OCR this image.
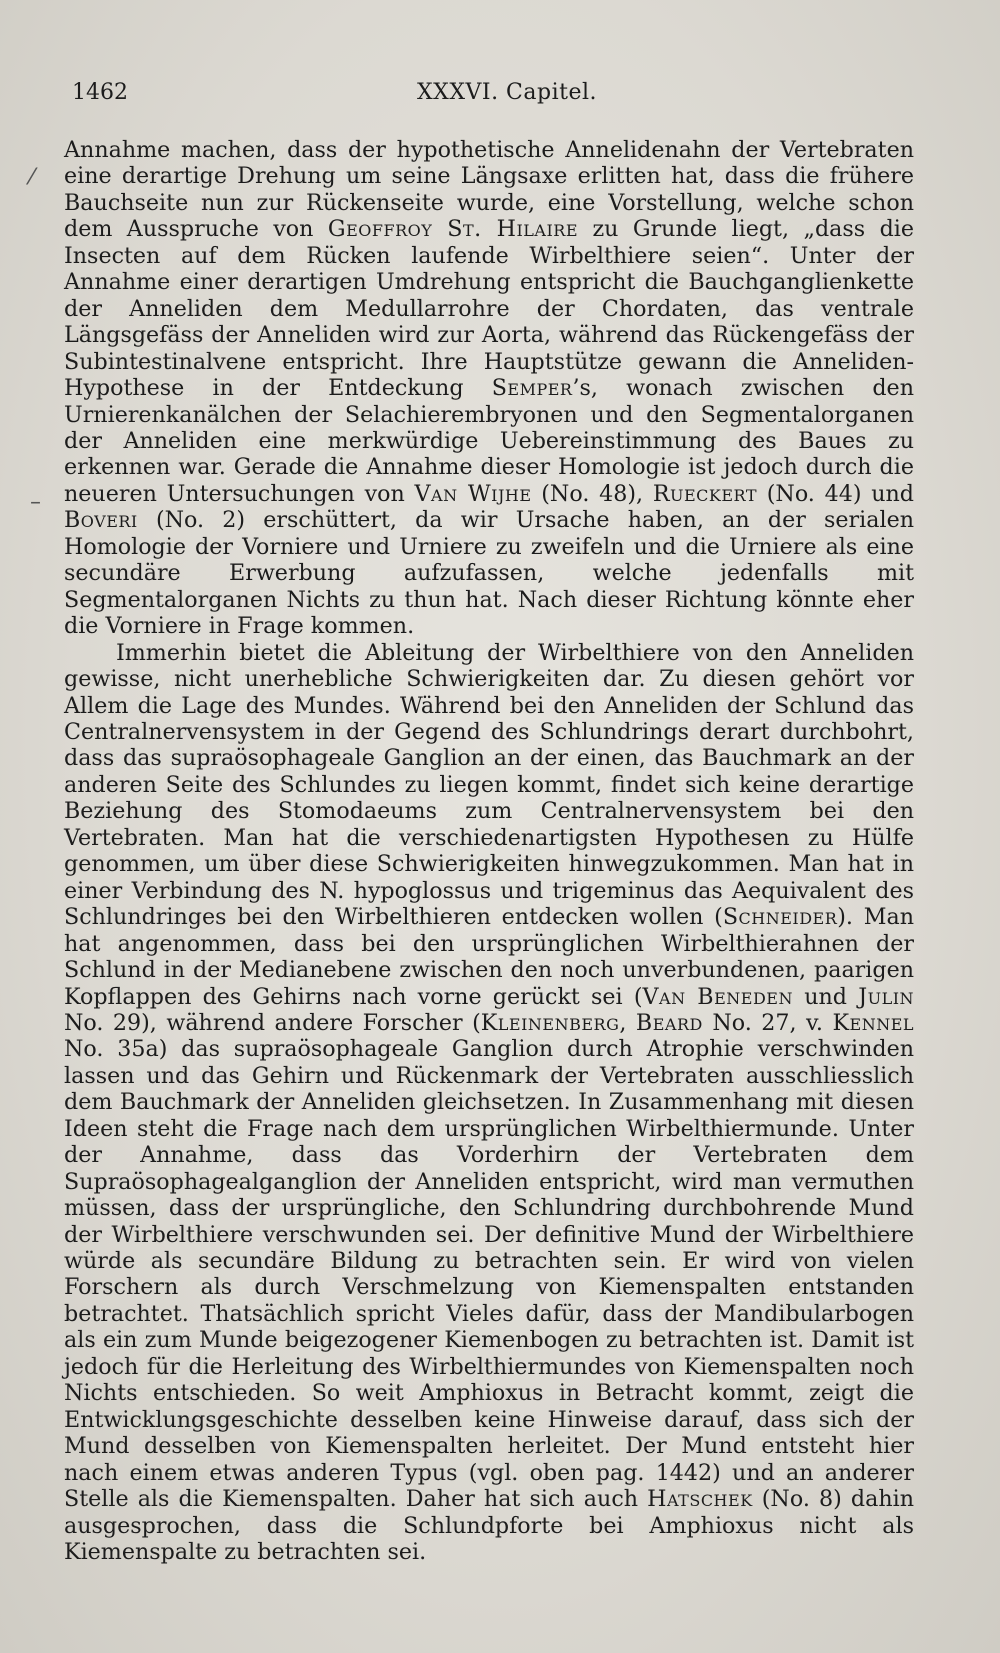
⁄
–
1462	XXXVI. Capitel.

Annahme machen, dass der hypothetische Annelidenahn der Vertebraten eine derartige Drehung um seine Längsaxe erlitten hat, dass die frühere Bauchseite nun zur Rückenseite wurde, eine Vorstellung, welche schon dem Ausspruche von Geoffroy St. Hilaire zu Grunde liegt, „dass die Insecten auf dem Rücken laufende Wirbelthiere seien“. Unter der Annahme einer derartigen Umdrehung entspricht die Bauchganglienkette der Anneliden dem Medullarrohre der Chordaten, das ventrale Längsgefäss der Anneliden wird zur Aorta, während das Rückengefäss der Subintestinalvene entspricht. Ihre Hauptstütze gewann die Anneliden-Hypothese in der Entdeckung Semper’s, wonach zwischen den Urnierenkanälchen der Selachierembryonen und den Segmentalorganen der Anneliden eine merkwürdige Uebereinstimmung des Baues zu erkennen war. Gerade die Annahme dieser Homologie ist jedoch durch die neueren Untersuchungen von Van Wijhe (No. 48), Rueckert (No. 44) und Boveri (No. 2) erschüttert, da wir Ursache haben, an der serialen Homologie der Vorniere und Urniere zu zweifeln und die Urniere als eine secundäre Erwerbung aufzufassen, welche jedenfalls mit Segmentalorganen Nichts zu thun hat. Nach dieser Richtung könnte eher die Vorniere in Frage kommen.

Immerhin bietet die Ableitung der Wirbelthiere von den Anneliden gewisse, nicht unerhebliche Schwierigkeiten dar. Zu diesen gehört vor Allem die Lage des Mundes. Während bei den Anneliden der Schlund das Centralnervensystem in der Gegend des Schlundrings derart durchbohrt, dass das supraösophageale Ganglion an der einen, das Bauchmark an der anderen Seite des Schlundes zu liegen kommt, findet sich keine derartige Beziehung des Stomodaeums zum Centralnervensystem bei den Vertebraten. Man hat die verschiedenartigsten Hypothesen zu Hülfe genommen, um über diese Schwierigkeiten hinwegzukommen. Man hat in einer Verbindung des N. hypoglossus und trigeminus das Aequivalent des Schlundringes bei den Wirbelthieren entdecken wollen (Schneider). Man hat angenommen, dass bei den ursprünglichen Wirbelthierahnen der Schlund in der Medianebene zwischen den noch unverbundenen, paarigen Kopflappen des Gehirns nach vorne gerückt sei (Van Beneden und Julin No. 29), während andere Forscher (Kleinenberg, Beard No. 27, v. Kennel No. 35a) das supraösophageale Ganglion durch Atrophie verschwinden lassen und das Gehirn und Rückenmark der Vertebraten ausschliesslich dem Bauchmark der Anneliden gleichsetzen. In Zusammenhang mit diesen Ideen steht die Frage nach dem ursprünglichen Wirbelthiermunde. Unter der Annahme, dass das Vorderhirn der Vertebraten dem Supraösophagealganglion der Anneliden entspricht, wird man vermuthen müssen, dass der ursprüngliche, den Schlundring durchbohrende Mund der Wirbelthiere verschwunden sei. Der definitive Mund der Wirbelthiere würde als secundäre Bildung zu betrachten sein. Er wird von vielen Forschern als durch Verschmelzung von Kiemenspalten entstanden betrachtet. Thatsächlich spricht Vieles dafür, dass der Mandibularbogen als ein zum Munde beigezogener Kiemenbogen zu betrachten ist. Damit ist jedoch für die Herleitung des Wirbelthiermundes von Kiemenspalten noch Nichts entschieden. So weit Amphioxus in Betracht kommt, zeigt die Entwicklungsgeschichte desselben keine Hinweise darauf, dass sich der Mund desselben von Kiemenspalten herleitet. Der Mund entsteht hier nach einem etwas anderen Typus (vgl. oben pag. 1442) und an anderer Stelle als die Kiemenspalten. Daher hat sich auch Hatschek (No. 8) dahin ausgesprochen, dass die Schlundpforte bei Amphioxus nicht als Kiemenspalte zu betrachten sei.
